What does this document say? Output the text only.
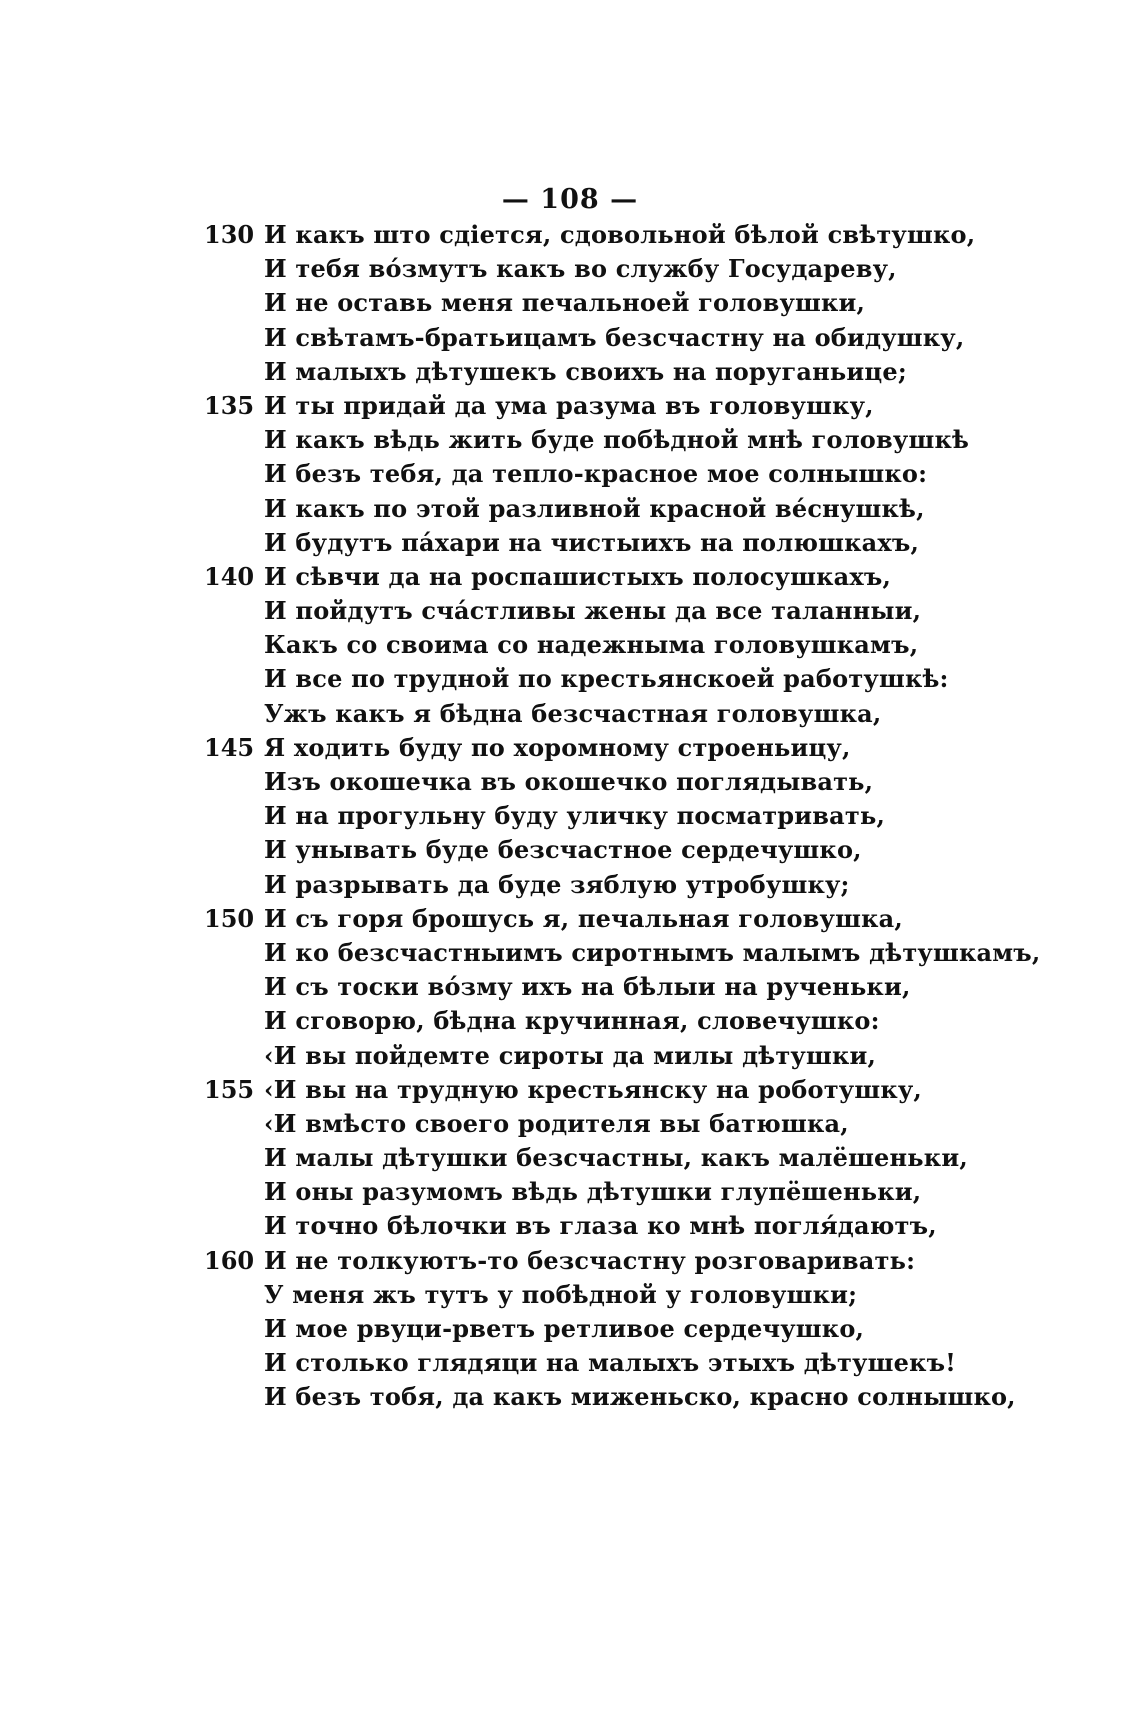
— 108 —
130 И какъ што сдіется, сдовольной бѣлой свѣтушко,
И тебя во́змутъ какъ во службу Государеву,
И не оставь меня печальноей головушки,
И свѣтамъ-братьицамъ безсчастну на обидушку,
И малыхъ дѣтушекъ своихъ на поруганьице;
135 И ты придай да ума разума въ головушку,
И какъ вѣдь жить буде побѣдной мнѣ головушкѣ
И безъ тебя, да тепло-красное мое солнышко:
И какъ по этой разливной красной ве́снушкѣ,
И будутъ па́хари на чистыихъ на полюшкахъ,
140 И сѣвчи да на роспашистыхъ полосушкахъ,
И пойдутъ сча́стливы жены да все таланныи,
Какъ со своима со надежныма головушкамъ,
И все по трудной по крестьянскоей работушкѣ:
Ужъ какъ я бѣдна безсчастная головушка,
145 Я ходить буду по хоромному строеньицу,
Изъ окошечка въ окошечко поглядывать,
И на прогульну буду уличку посматривать,
И унывать буде безсчастное сердечушко,
И разрывать да буде зяблую утробушку;
150 И съ горя брошусь я, печальная головушка,
И ко безсчастныимъ сиротнымъ малымъ дѣтушкамъ,
И съ тоски во́зму ихъ на бѣлыи на рученьки,
И сговорю, бѣдна кручинная, словечушко:
‹И вы пойдемте сироты да милы дѣтушки,
155 ‹И вы на трудную крестьянску на роботушку,
‹И вмѣсто своего родителя вы батюшка,
И малы дѣтушки безсчастны, какъ малёшеньки,
И оны разумомъ вѣдь дѣтушки глупёшеньки,
И точно бѣлочки въ глаза ко мнѣ погля́даютъ,
160 И не толкуютъ-то безсчастну розговаривать:
У меня жъ тутъ у побѣдной у головушки;
И мое рвуци-рветъ ретливое сердечушко,
И столько глядяци на малыхъ этыхъ дѣтушекъ!
И безъ тобя, да какъ миженьско, красно солнышко,
